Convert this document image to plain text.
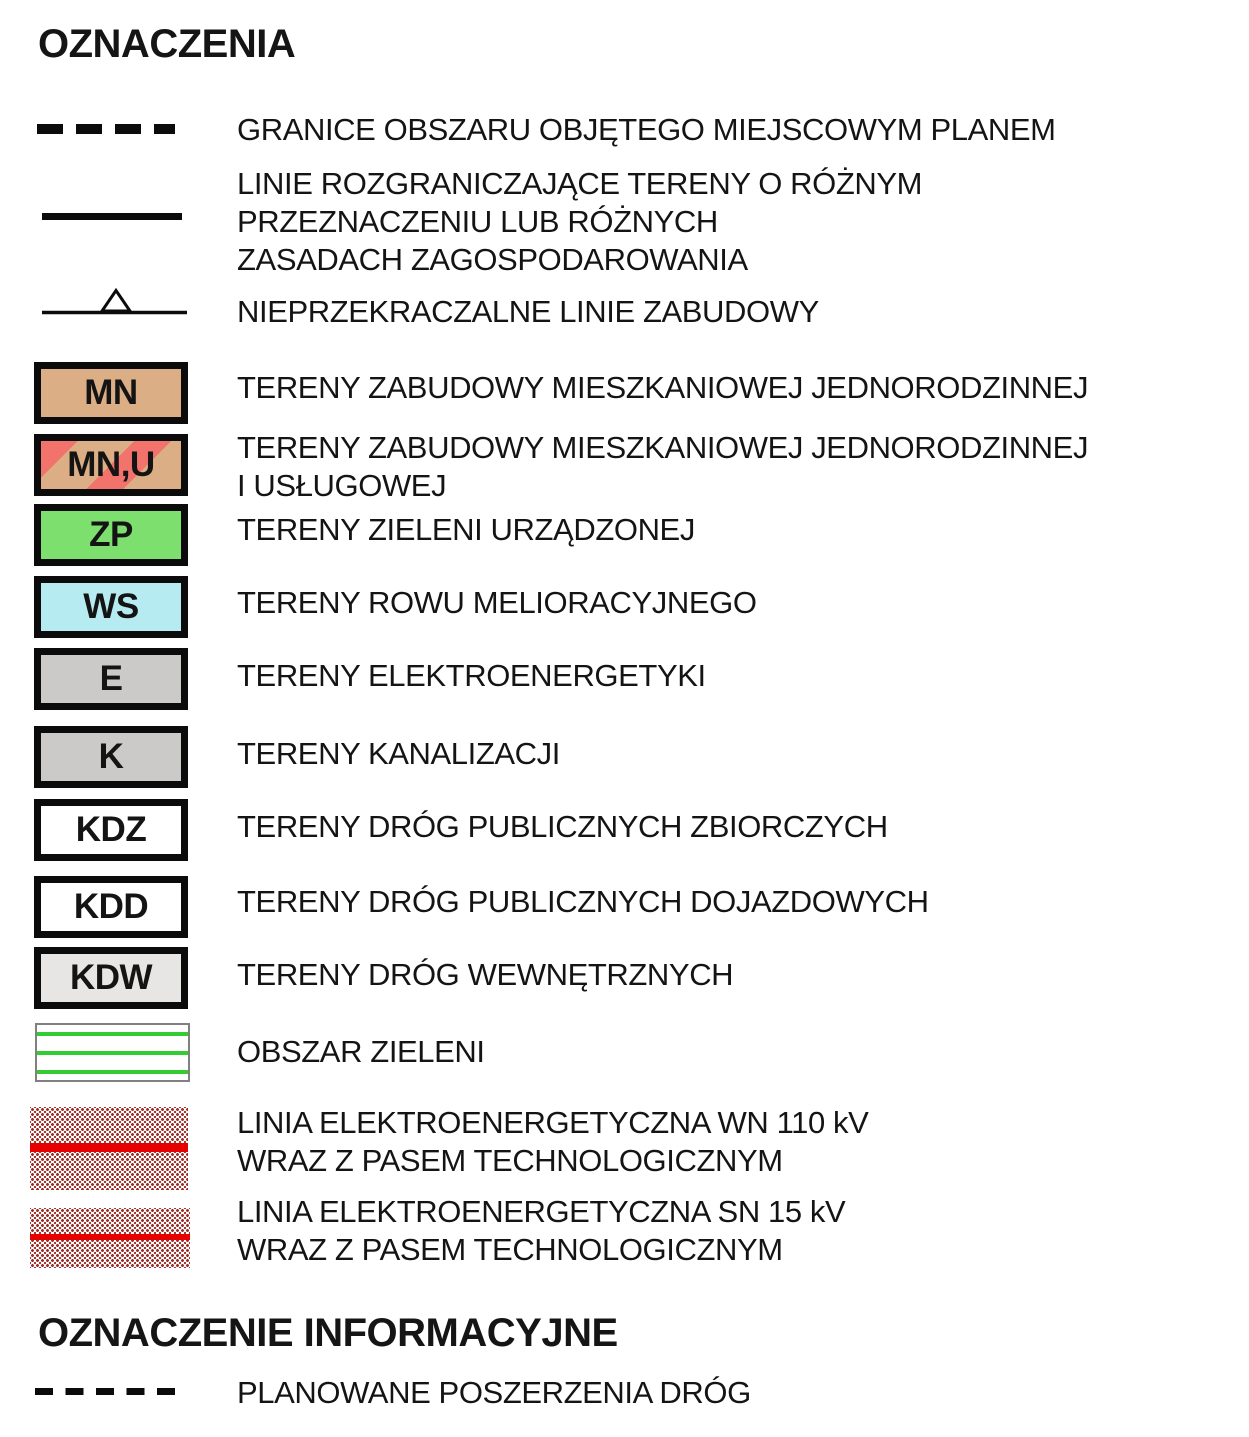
OZNACZENIA
GRANICE OBSZARU OBJĘTEGO MIEJSCOWYM PLANEM
LINIE ROZGRANICZAJĄCE TERENY O RÓŻNYM
PRZEZNACZENIU LUB RÓŻNYCH
ZASADACH ZAGOSPODAROWANIA
NIEPRZEKRACZALNE LINIE ZABUDOWY
MN	TERENY ZABUDOWY MIESZKANIOWEJ JEDNORODZINNEJ
MN,U	TERENY ZABUDOWY MIESZKANIOWEJ JEDNORODZINNEJ
I USŁUGOWEJ
ZP	TERENY ZIELENI URZĄDZONEJ
WS	TERENY ROWU MELIORACYJNEGO
E	TERENY ELEKTROENERGETYKI
K	TERENY KANALIZACJI
KDZ	TERENY DRÓG PUBLICZNYCH ZBIORCZYCH
KDD	TERENY DRÓG PUBLICZNYCH DOJAZDOWYCH
KDW	TERENY DRÓG WEWNĘTRZNYCH
OBSZAR ZIELENI
LINIA ELEKTROENERGETYCZNA WN 110 kV
WRAZ Z PASEM TECHNOLOGICZNYM
LINIA ELEKTROENERGETYCZNA SN 15 kV
WRAZ Z PASEM TECHNOLOGICZNYM
OZNACZENIE INFORMACYJNE
PLANOWANE POSZERZENIA DRÓG
